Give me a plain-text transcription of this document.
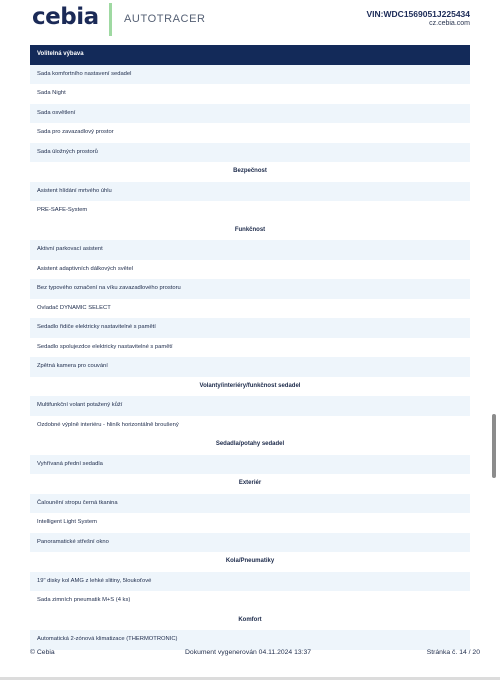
cebia AUTOTRACER	VIN:WDC1569051J225434
cz.cebia.com
Volitelná výbava
Sada komfortního nastavení sedadel
Sada Night
Sada osvětlení
Sada pro zavazadlový prostor
Sada úložných prostorů
Bezpečnost
Asistent hlídání mrtvého úhlu
PRE-SAFE-System
Funkčnost
Aktivní parkovací asistent
Asistent adaptivních dálkových světel
Bez typového označení na víku zavazadlového prostoru
Ovladač DYNAMIC SELECT
Sedadlo řidiče elektricky nastavitelné s pamětí
Sedadlo spolujezdce elektricky nastavitelné s pamětí
Zpětná kamera pro couvání
Volanty/interiéry/funkčnost sedadel
Multifunkční volant potažený kůží
Ozdobné výplně interiéru - hliník horizontálně broušený
Sedadla/potahy sedadel
Vyhřívaná přední sedadla
Exteriér
Čalounění stropu černá tkanina
Intelligent Light System
Panoramatické střešní okno
Kola/Pneumatiky
19" disky kol AMG z lehké slitiny, 5loukoťové
Sada zimních pneumatik M+S (4 ks)
Komfort
Automatická 2-zónová klimatizace (THERMOTRONIC)
© Cebia	Dokument vygenerován 04.11.2024 13:37	Stránka č. 14 / 20
